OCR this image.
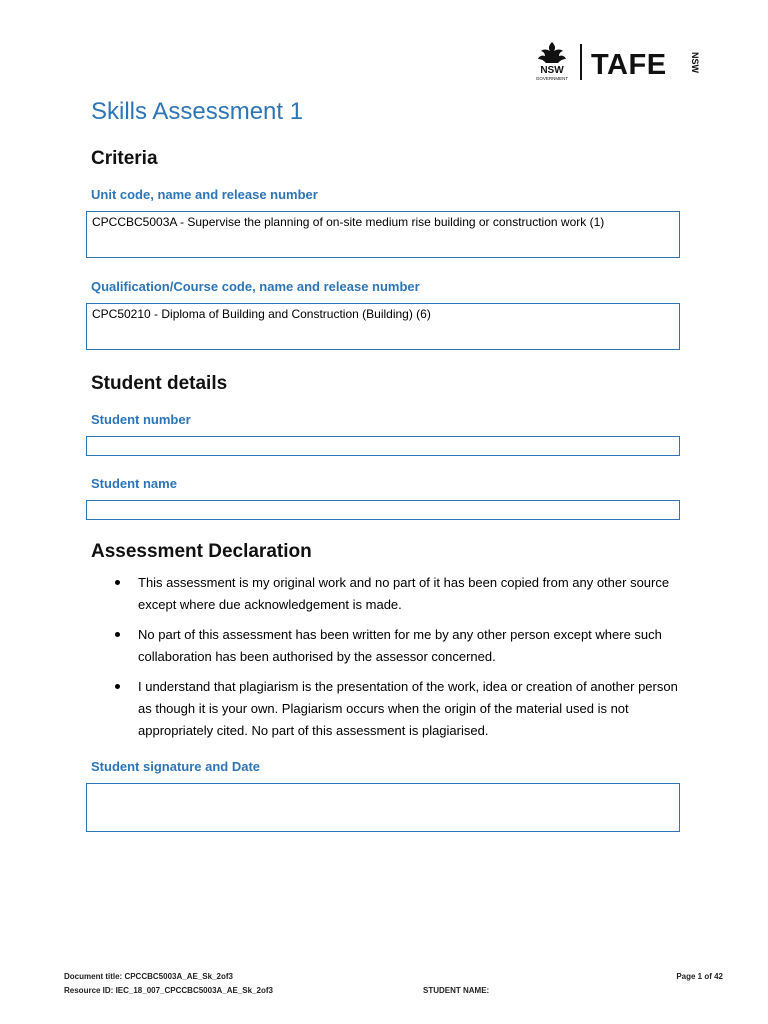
NSW
GOVERNMENT TAFE	NSW
Skills Assessment 1
Criteria
Unit code, name and release number
CPCCBC5003A - Supervise the planning of on-site medium rise building or construction work (1)
Qualification/Course code, name and release number
CPC50210 - Diploma of Building and Construction (Building) (6)
Student details
Student number
Student name
Assessment Declaration
This assessment is my original work and no part of it has been copied from any other source except where due acknowledgement is made.
No part of this assessment has been written for me by any other person except where such collaboration has been authorised by the assessor concerned.
I understand that plagiarism is the presentation of the work, idea or creation of another person as though it is your own. Plagiarism occurs when the origin of the material used is not appropriately cited. No part of this assessment is plagiarised.
Student signature and Date
Document title: CPCCBC5003A_AE_Sk_2of3
Resource ID: IEC_18_007_CPCCBC5003A_AE_Sk_2of3	STUDENT NAME:
Page 1 of 42
